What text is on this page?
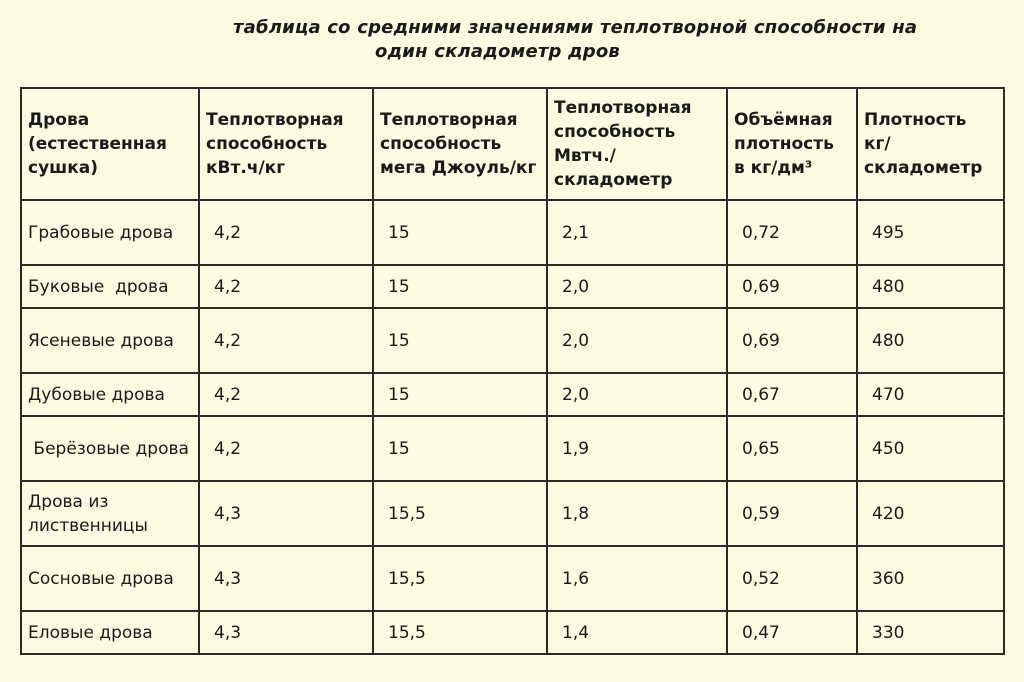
таблица со средними значениями теплотворной способности на
один складометр дров
Дрова (естественная сушка)	Теплотворная способность кВт.ч/кг	Теплотворная способность мега Джоуль/кг	Теплотворная способность Мвтч./ складометр	Объёмная плотность в кг/дм³	Плотность кг/ складометр
Грабовые дрова	4,2	15	2,1	0,72	495
Буковые  дрова	4,2	15	2,0	0,69	480
Ясеневые дрова	4,2	15	2,0	0,69	480
Дубовые дрова	4,2	15	2,0	0,67	470
Берёзовые дрова	4,2	15	1,9	0,65	450
Дрова из лиственницы	4,3	15,5	1,8	0,59	420
Сосновые дрова	4,3	15,5	1,6	0,52	360
Еловые дрова	4,3	15,5	1,4	0,47	330
